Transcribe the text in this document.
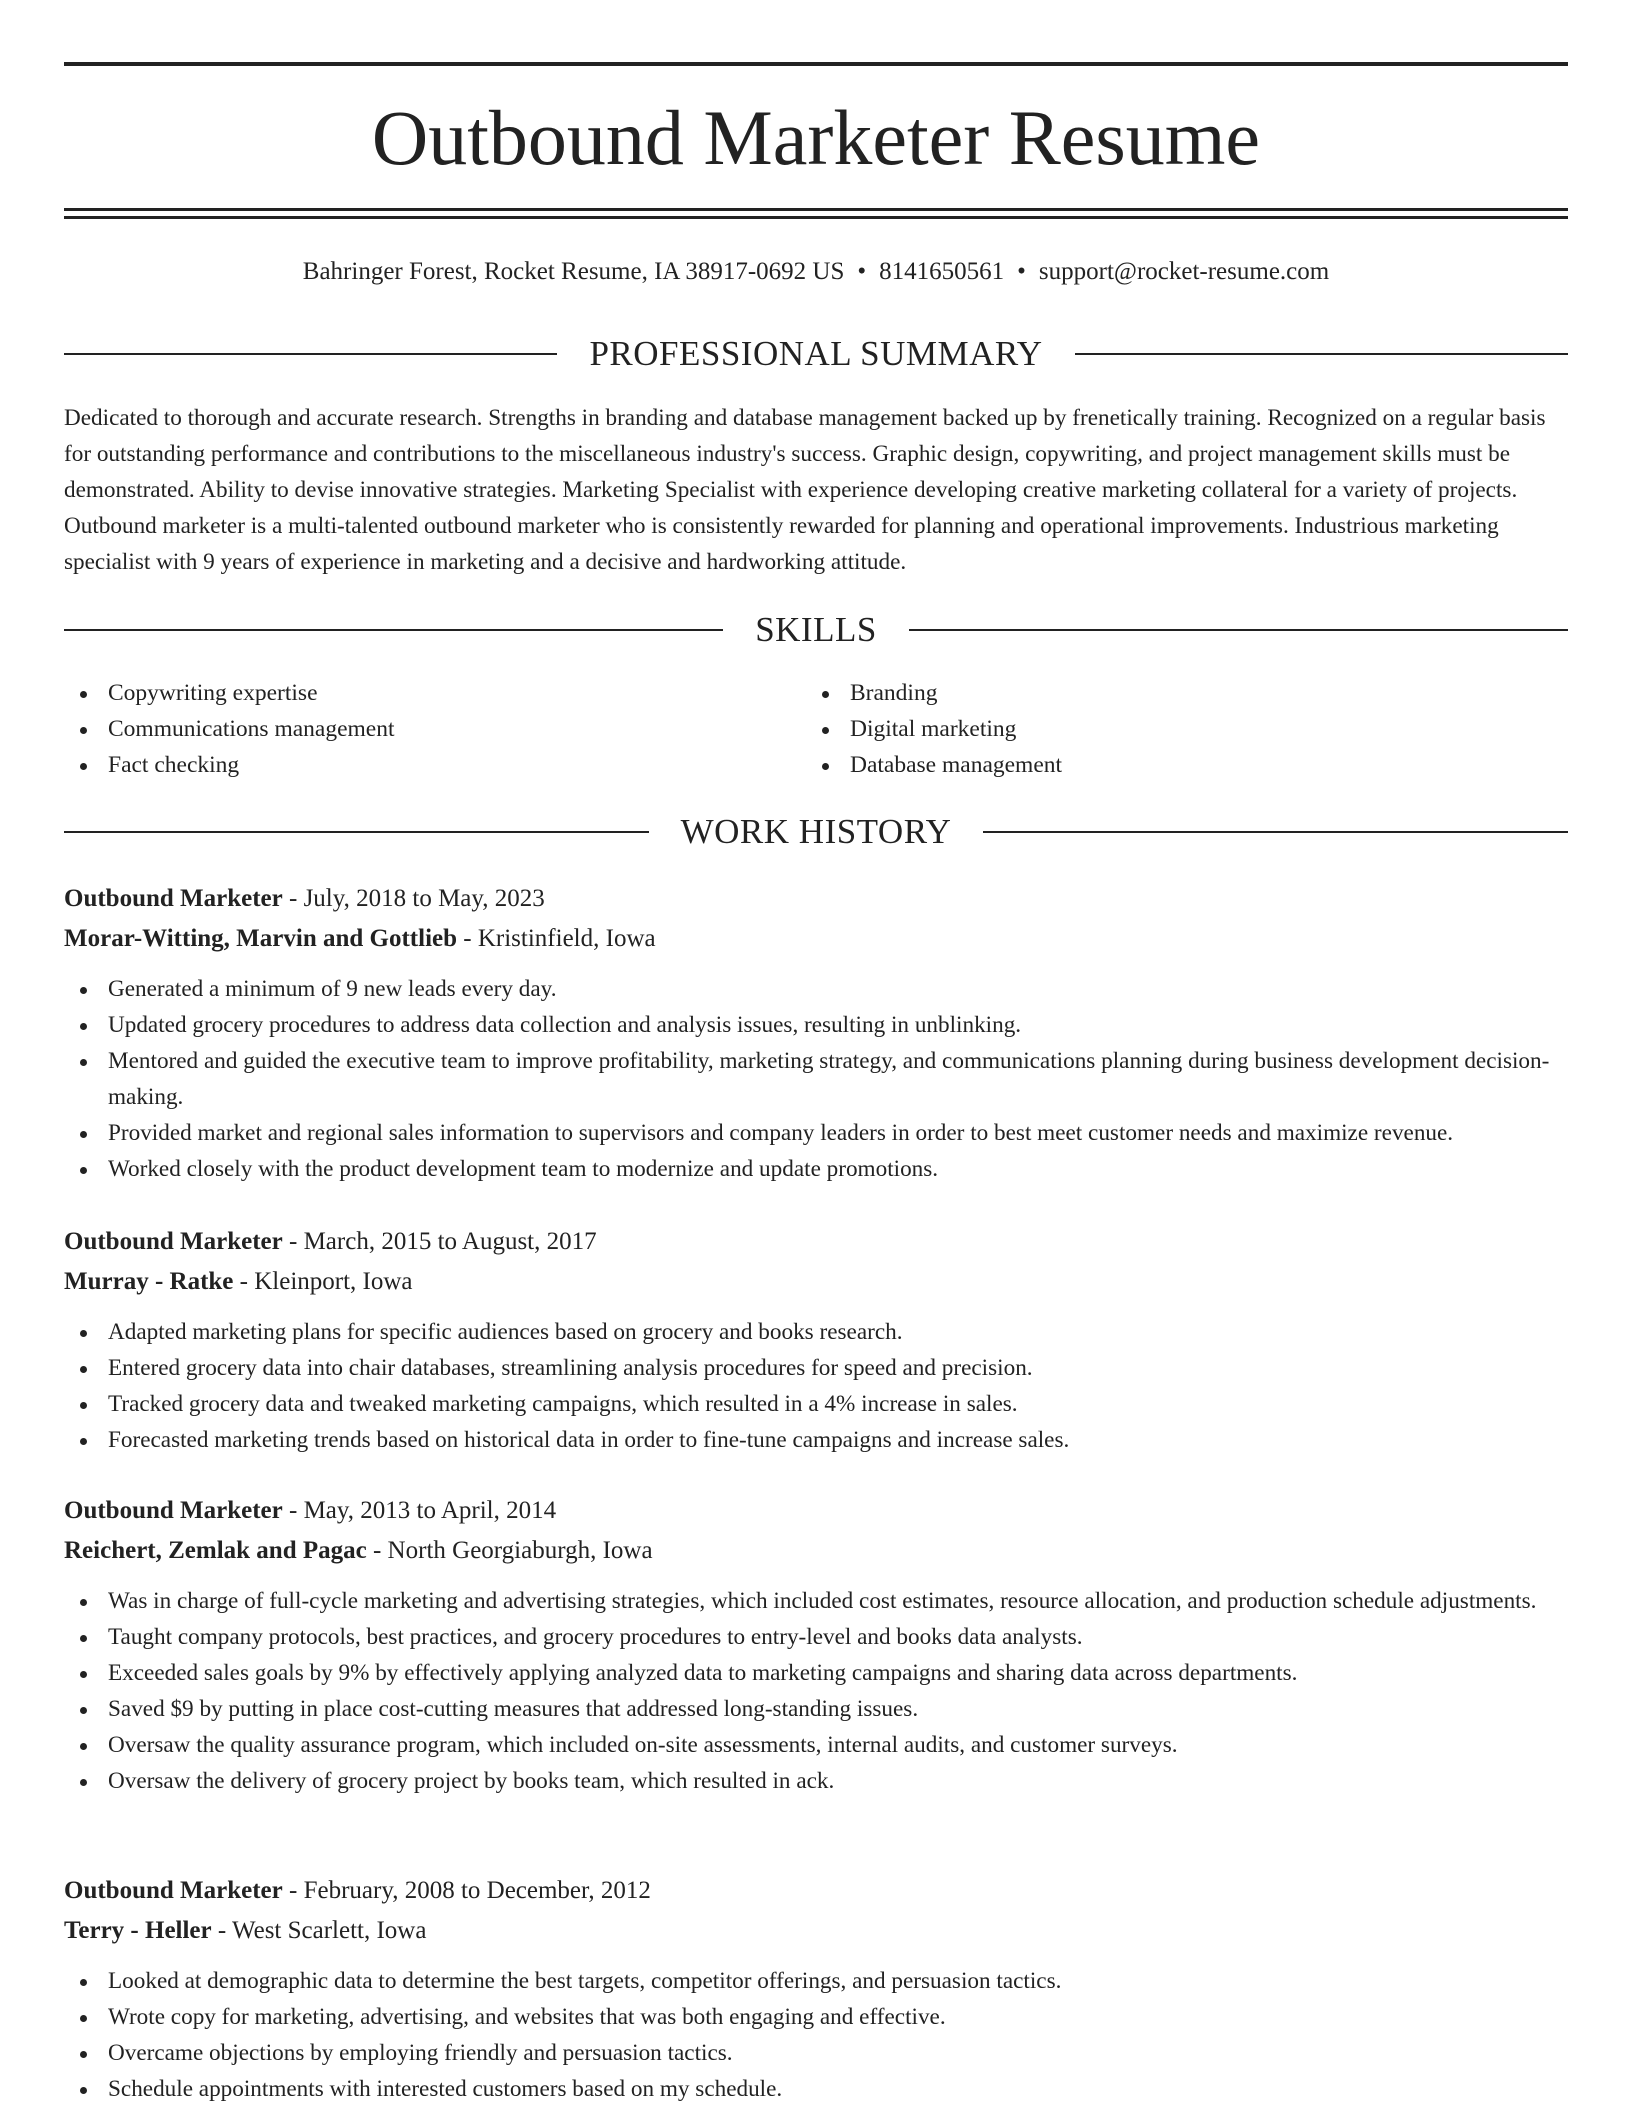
Outbound Marketer Resume
Bahringer Forest, Rocket Resume, IA 38917-0692 US • 8141650561 • support@rocket-resume.com
PROFESSIONAL SUMMARY

Dedicated to thorough and accurate research. Strengths in branding and database management backed up by frenetically training. Recognized on a regular basis for outstanding performance and contributions to the miscellaneous industry's success. Graphic design, copywriting, and project management skills must be demonstrated. Ability to devise innovative strategies. Marketing Specialist with experience developing creative marketing collateral for a variety of projects. Outbound marketer is a multi-talented outbound marketer who is consistently rewarded for planning and operational improvements. Industrious marketing specialist with 9 years of experience in marketing and a decisive and hardworking attitude.

SKILLS
Copywriting expertise
Communications management
Fact checking
Branding
Digital marketing
Database management
WORK HISTORY
Outbound Marketer - July, 2018 to May, 2023
Morar-Witting, Marvin and Gottlieb - Kristinfield, Iowa
Generated a minimum of 9 new leads every day.
Updated grocery procedures to address data collection and analysis issues, resulting in unblinking.
Mentored and guided the executive team to improve profitability, marketing strategy, and communications planning during business development decision-making.
Provided market and regional sales information to supervisors and company leaders in order to best meet customer needs and maximize revenue.
Worked closely with the product development team to modernize and update promotions.
Outbound Marketer - March, 2015 to August, 2017
Murray - Ratke - Kleinport, Iowa
Adapted marketing plans for specific audiences based on grocery and books research.
Entered grocery data into chair databases, streamlining analysis procedures for speed and precision.
Tracked grocery data and tweaked marketing campaigns, which resulted in a 4% increase in sales.
Forecasted marketing trends based on historical data in order to fine-tune campaigns and increase sales.
Outbound Marketer - May, 2013 to April, 2014
Reichert, Zemlak and Pagac - North Georgiaburgh, Iowa
Was in charge of full-cycle marketing and advertising strategies, which included cost estimates, resource allocation, and production schedule adjustments.
Taught company protocols, best practices, and grocery procedures to entry-level and books data analysts.
Exceeded sales goals by 9% by effectively applying analyzed data to marketing campaigns and sharing data across departments.
Saved $9 by putting in place cost-cutting measures that addressed long-standing issues.
Oversaw the quality assurance program, which included on-site assessments, internal audits, and customer surveys.
Oversaw the delivery of grocery project by books team, which resulted in ack.
Outbound Marketer - February, 2008 to December, 2012
Terry - Heller - West Scarlett, Iowa
Looked at demographic data to determine the best targets, competitor offerings, and persuasion tactics.
Wrote copy for marketing, advertising, and websites that was both engaging and effective.
Overcame objections by employing friendly and persuasion tactics.
Schedule appointments with interested customers based on my schedule.
